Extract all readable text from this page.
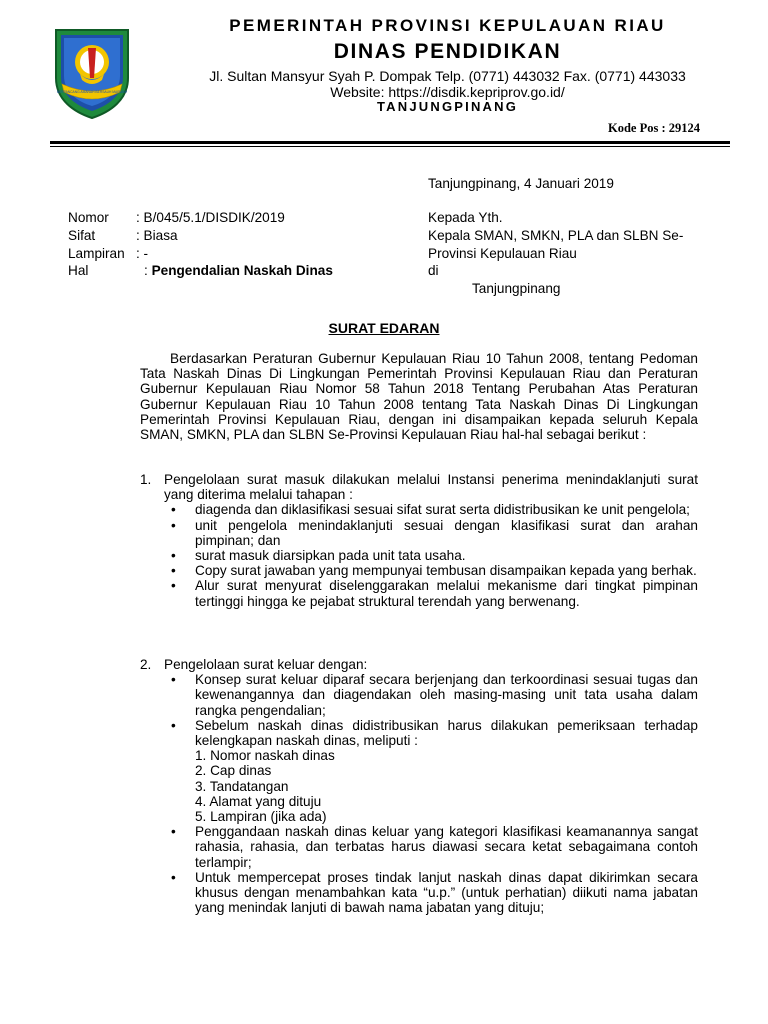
BERPANCANG AMANAH BERSAUH MARWAH
PEMERINTAH PROVINSI KEPULAUAN RIAU
DINAS PENDIDIKAN
Jl. Sultan Mansyur Syah P. Dompak Telp. (0771) 443032 Fax. (0771) 443033
Website: https://disdik.kepriprov.go.id/
TANJUNGPINANG
Kode Pos : 29124
Tanjungpinang, 4 Januari 2019
Nomor : B/045/5.1/DISDIK/2019
Sifat	: Biasa
Lampiran : -
Hal	: Pengendalian Naskah Dinas
Kepada Yth.
Kepala SMAN, SMKN, PLA dan SLBN Se-
Provinsi Kepulauan Riau
di
Tanjungpinang
SURAT EDARAN
Berdasarkan Peraturan Gubernur Kepulauan Riau 10 Tahun 2008, tentang Pedoman Tata Naskah Dinas Di Lingkungan Pemerintah Provinsi Kepulauan Riau dan Peraturan Gubernur Kepulauan Riau Nomor 58 Tahun 2018 Tentang Perubahan Atas Peraturan Gubernur Kepulauan Riau 10 Tahun 2008 tentang Tata Naskah Dinas Di Lingkungan Pemerintah Provinsi Kepulauan Riau, dengan ini disampaikan kepada seluruh Kepala SMAN, SMKN, PLA dan SLBN Se-Provinsi Kepulauan Riau hal-hal sebagai berikut :
1. Pengelolaan surat masuk dilakukan melalui Instansi penerima menindaklanjuti surat yang diterima melalui tahapan :
• diagenda dan diklasifikasi sesuai sifat surat serta didistribusikan ke unit pengelola;
• unit pengelola menindaklanjuti sesuai dengan klasifikasi surat dan arahan pimpinan; dan
• surat masuk diarsipkan pada unit tata usaha.
• Copy surat jawaban yang mempunyai tembusan disampaikan kepada yang berhak.
• Alur surat menyurat diselenggarakan melalui mekanisme dari tingkat pimpinan tertinggi hingga ke pejabat struktural terendah yang berwenang.
2. Pengelolaan surat keluar dengan:
• Konsep surat keluar diparaf secara berjenjang dan terkoordinasi sesuai tugas dan kewenangannya dan diagendakan oleh masing-masing unit tata usaha dalam rangka pengendalian;
• Sebelum naskah dinas didistribusikan harus dilakukan pemeriksaan terhadap kelengkapan naskah dinas, meliputi :
1. Nomor naskah dinas
2. Cap dinas
3. Tandatangan
4. Alamat yang dituju
5. Lampiran (jika ada)
• Penggandaan naskah dinas keluar yang kategori klasifikasi keamanannya sangat rahasia, rahasia, dan terbatas harus diawasi secara ketat sebagaimana contoh terlampir;
• Untuk mempercepat proses tindak lanjut naskah dinas dapat dikirimkan secara khusus dengan menambahkan kata “u.p.” (untuk perhatian) diikuti nama jabatan yang menindak lanjuti di bawah nama jabatan yang dituju;
